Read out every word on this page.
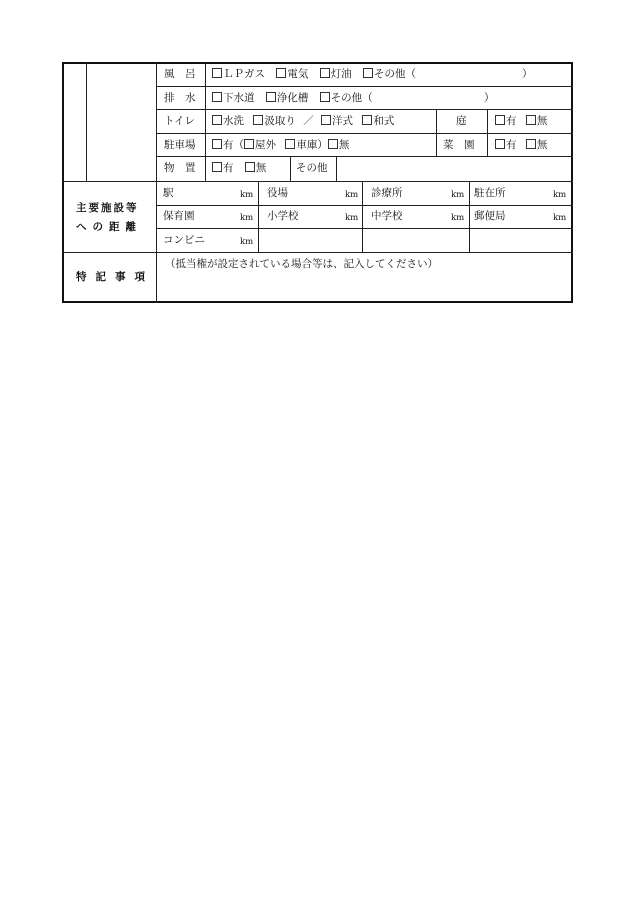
風　呂	ＬＰガス 電気 灯油 その他（	）
排　水	下水道 浄化槽 その他（	）
トイレ	水洗 汲取り ／ 洋式 和式	庭	有 無
駐車場	有（ 屋外 車庫） 無	菜　園	有 無
物　置	有 無	その他
主要施設等
への距離
駅	km 役場	km 診療所	km 駐在所	km
保育園	km 小学校	km 中学校	km 郵便局	km
コンビニ	km
特記事項
（抵当権が設定されている場合等は、記入してください）
